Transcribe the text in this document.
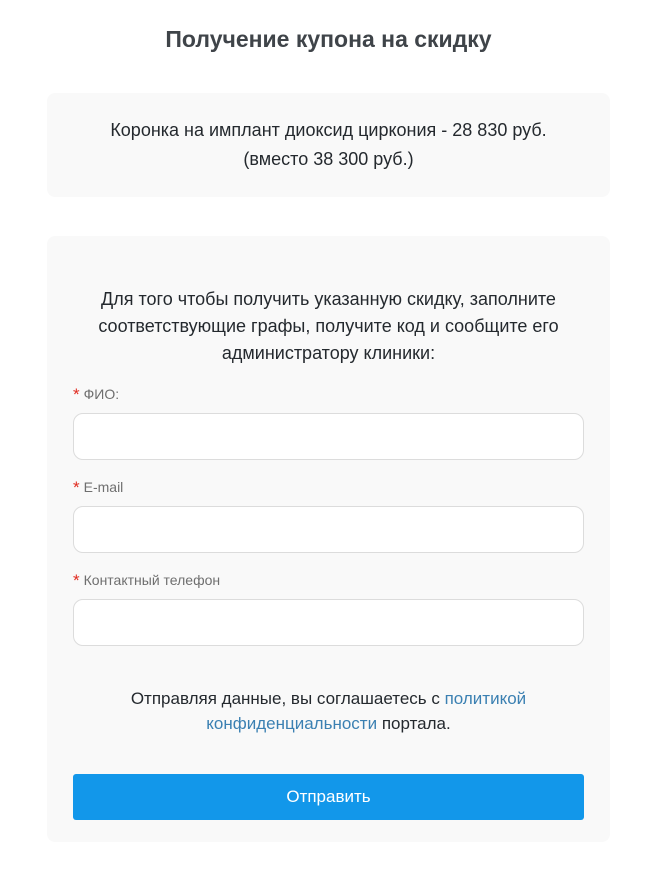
Получение купона на скидку
Коронка на имплант диоксид циркония - 28 830 руб.
(вместо 38 300 руб.)
Для того чтобы получить указанную скидку, заполните соответствующие графы, получите код и сообщите его администратору клиники:
* ФИО:
* E-mail
* Контактный телефон
Отправляя данные, вы соглашаетесь с политикой конфиденциальности портала.
Отправить
